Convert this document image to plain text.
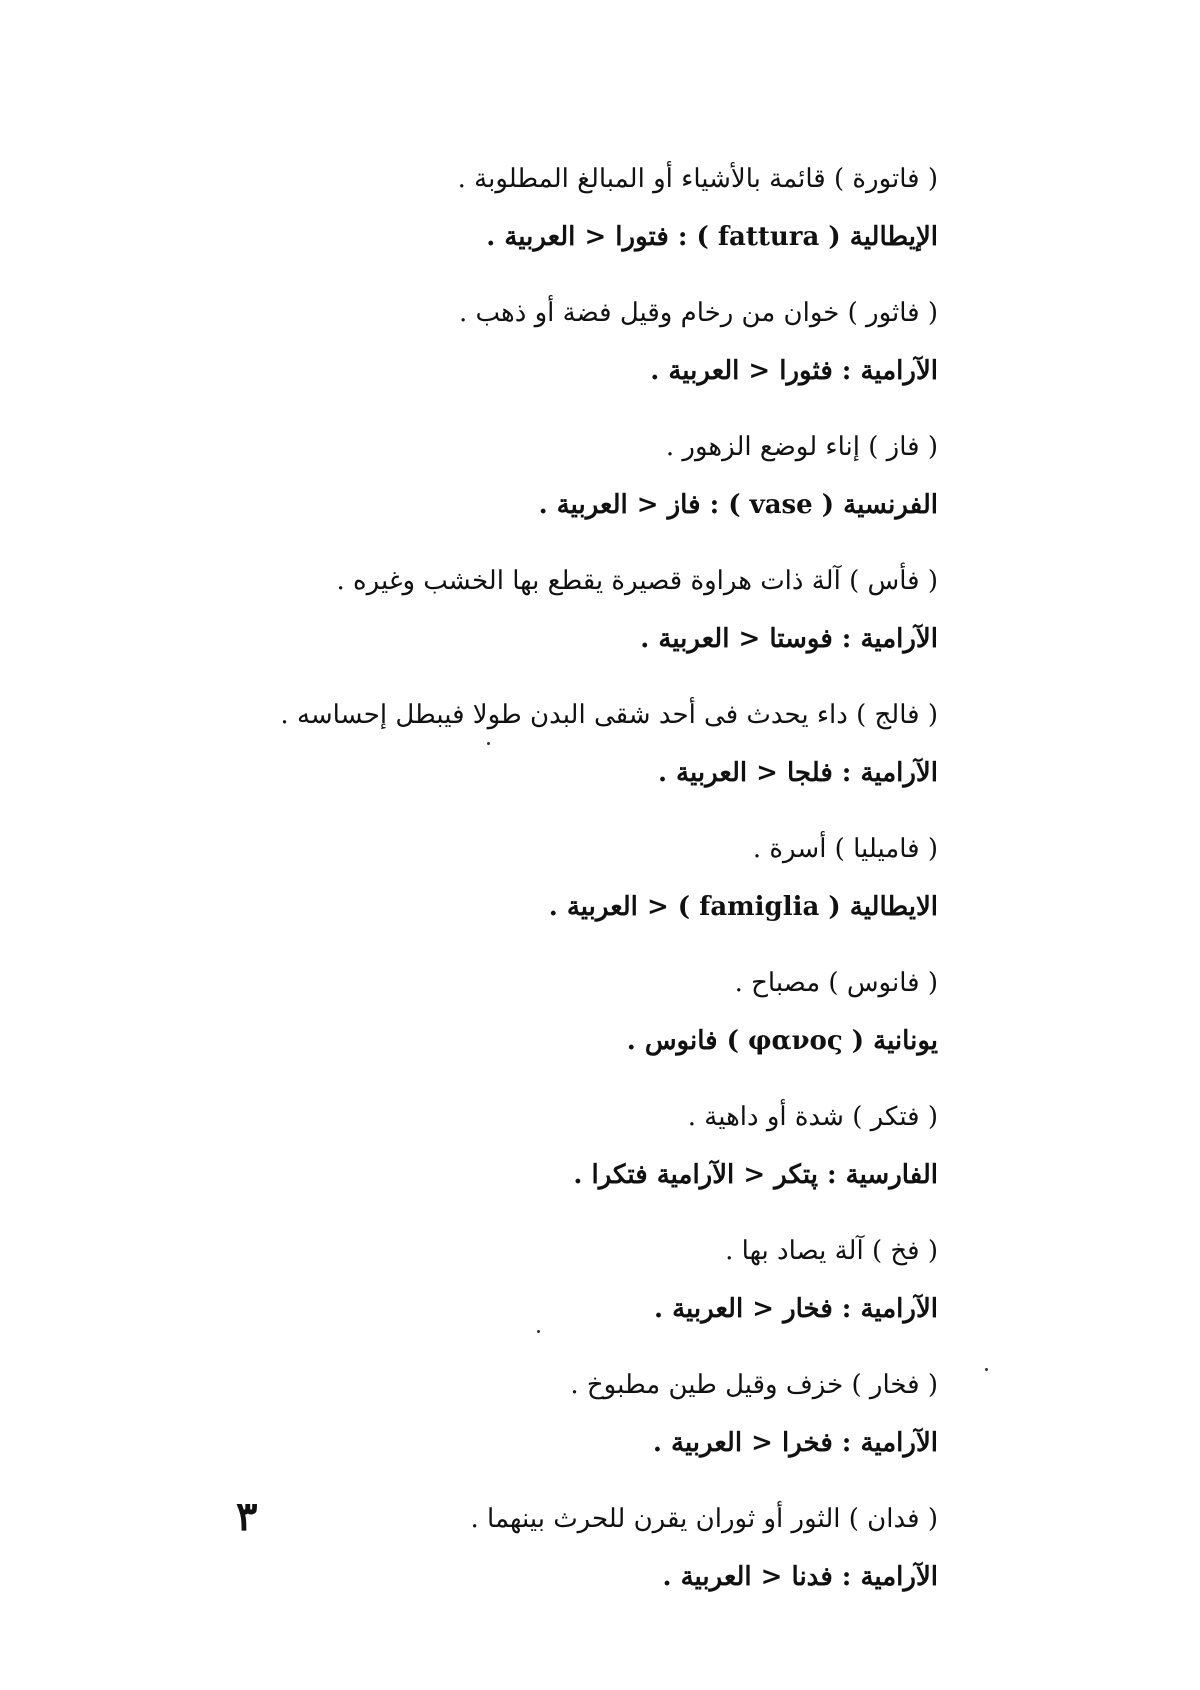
( فاتورة ) قائمة بالأشياء أو المبالغ المطلوبة .
الإيطالية ( fattura ) : فتورا < العربية .
( فاثور ) خوان من رخام وقيل فضة أو ذهب .
الآرامية : فثورا < العربية .
( فاز ) إناء لوضع الزهور .
الفرنسية ( vase ) : فاز < العربية .
( فأس ) آلة ذات هراوة قصيرة يقطع بها الخشب وغيره .
الآرامية : فوستا < العربية .
( فالج ) داء يحدث فى أحد شقى البدن طولا فيبطل إحساسه .
الآرامية : فلجا < العربية .
( فاميليا ) أسرة .
الايطالية ( famiglia ) < العربية .
( فانوس ) مصباح .
يونانية ( φανος ) فانوس .
( فتكر ) شدة أو داهية .
الفارسية : پتكر < الآرامية فتكرا .
( فخ ) آلة يصاد بها .
الآرامية : فخار < العربية .
( فخار ) خزف وقيل طين مطبوخ .
الآرامية : فخرا < العربية .
( فدان ) الثور أو ثوران يقرن للحرث بينهما .
الآرامية : فدنا < العربية .
٣
